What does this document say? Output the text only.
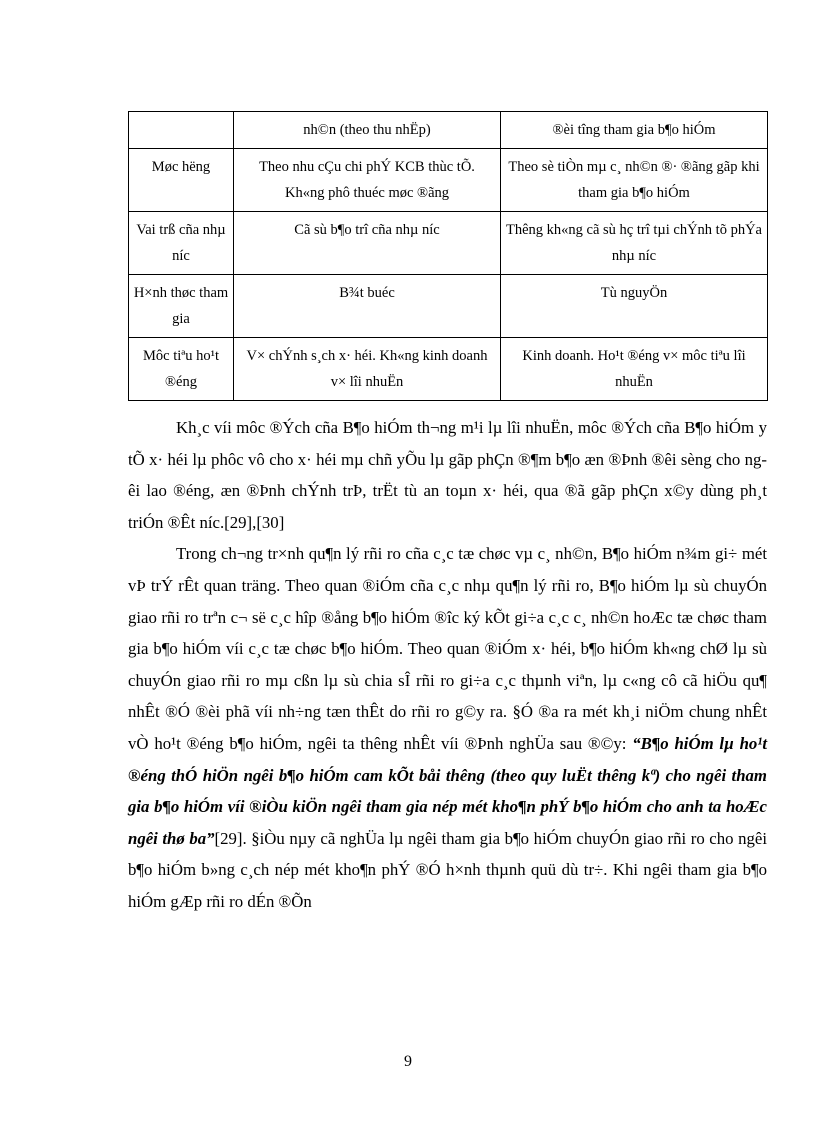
	nh©n (theo thu nhËp)	®èi tîng tham gia b¶o hiÓm
Møc hëng	Theo nhu cÇu chi phÝ KCB thùc tÕ. Kh«ng phô thuéc møc ®ãng	Theo sè tiÒn mµ c¸ nh©n ®· ®ãng gãp khi tham gia b¶o hiÓm
Vai trß cña nhµ níc	Cã sù b¶o trî cña nhµ níc	Thêng kh«ng cã sù hç trî tµi chÝnh tõ phÝa nhµ níc
H×nh thøc tham gia	B¾t buéc	Tù nguyÖn
Môc tiªu ho¹t ®éng	V× chÝnh s¸ch x· héi. Kh«ng kinh doanh v× lîi nhuËn	Kinh doanh. Ho¹t ®éng v× môc tiªu lîi nhuËn

Kh¸c víi môc ®Ých cña B¶o hiÓm th¬ng m¹i lµ lîi nhuËn, môc ®Ých cña B¶o hiÓm y tÕ x· héi lµ phôc vô cho x· héi mµ chñ yÕu lµ gãp phÇn ®¶m b¶o æn ®Þnh ®êi sèng cho ngêi lao ®éng, æn ®Þnh chÝnh trÞ, trËt tù an toµn x· héi, qua ®ã gãp phÇn x©y dùng ph¸t triÓn ®Êt níc.[29],[30]

Trong ch¬ng tr×nh qu¶n lý rñi ro cña c¸c tæ chøc vµ c¸ nh©n, B¶o hiÓm n¾m gi÷ mét vÞ trÝ rÊt quan träng. Theo quan ®iÓm cña c¸c nhµ qu¶n lý rñi ro, B¶o hiÓm lµ sù chuyÓn giao rñi ro trªn c¬ së c¸c hîp ®ång b¶o hiÓm ®îc ký kÕt gi÷a c¸c c¸ nh©n hoÆc tæ chøc tham gia b¶o hiÓm víi c¸c tæ chøc b¶o hiÓm. Theo quan ®iÓm x· héi, b¶o hiÓm kh«ng chØ lµ sù chuyÓn giao rñi ro mµ cßn lµ sù chia sÎ rñi ro gi÷a c¸c thµnh viªn, lµ c«ng cô cã hiÖu qu¶ nhÊt ®Ó ®èi phã víi nh÷ng tæn thÊt do rñi ro g©y ra. §Ó ®a ra mét kh¸i niÖm chung nhÊt vÒ ho¹t ®éng b¶o hiÓm, ngêi ta thêng nhÊt víi ®Þnh nghÜa sau ®©y: “B¶o hiÓm lµ ho¹t ®éng thÓ hiÖn ngêi b¶o hiÓm cam kÕt båi thêng (theo quy luËt thêng kª) cho ngêi tham gia b¶o hiÓm víi ®iÒu kiÖn ngêi tham gia nép mét kho¶n phÝ b¶o hiÓm cho anh ta hoÆc ngêi thø ba”[29]. §iÒu nµy cã nghÜa lµ ngêi tham gia b¶o hiÓm chuyÓn giao rñi ro cho ngêi b¶o hiÓm b»ng c¸ch nép mét kho¶n phÝ ®Ó h×nh thµnh quü dù tr÷. Khi ngêi tham gia b¶o hiÓm gÆp rñi ro dÉn ®Õn

9
